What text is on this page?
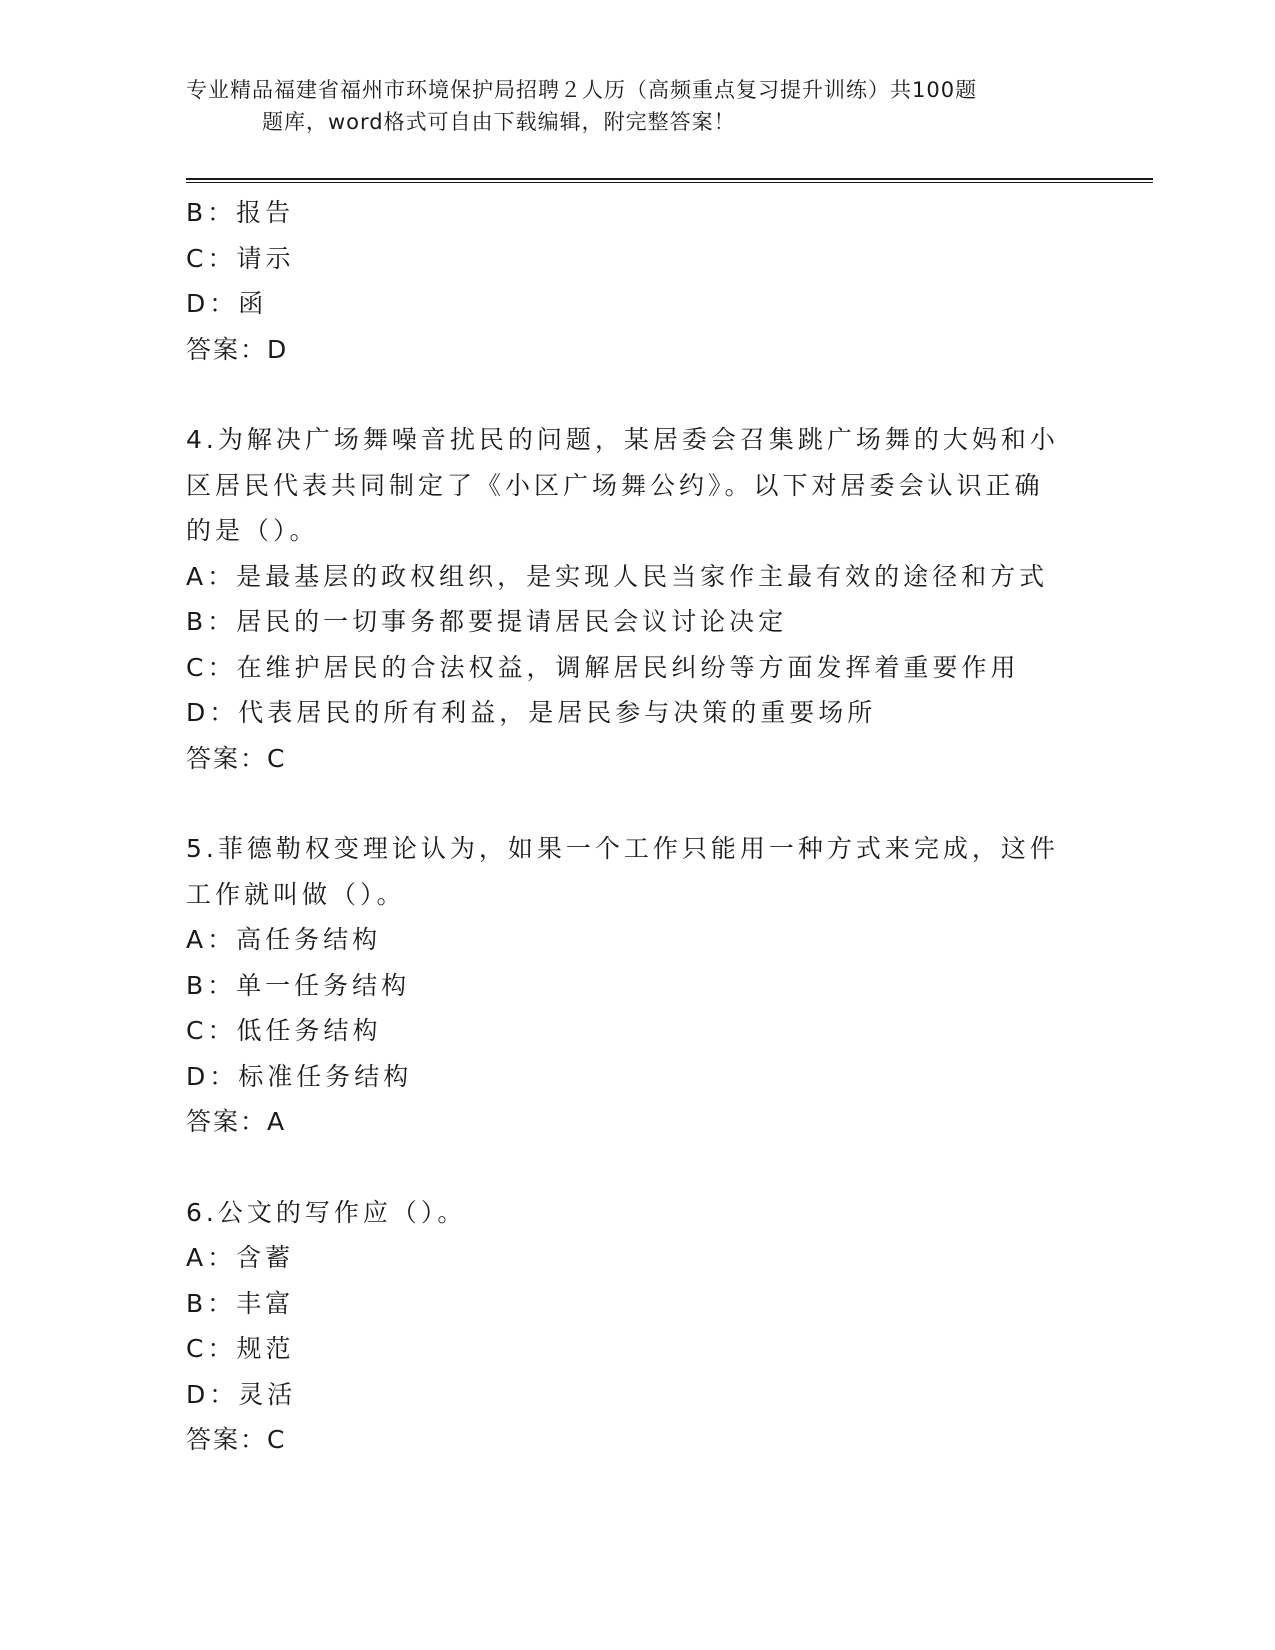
专业精品福建省福州市环境保护局招聘２人历（高频重点复习提升训练）共100题
题库，word格式可自由下载编辑，附完整答案！
B：报告
C：请示
D：函
答案：D
4.为解决广场舞噪音扰民的问题，某居委会召集跳广场舞的大妈和小
区居民代表共同制定了《小区广场舞公约》。以下对居委会认识正确
的是（）。
A：是最基层的政权组织，是实现人民当家作主最有效的途径和方式
B：居民的一切事务都要提请居民会议讨论决定
C：在维护居民的合法权益，调解居民纠纷等方面发挥着重要作用
D：代表居民的所有利益，是居民参与决策的重要场所
答案：C
5.菲德勒权变理论认为，如果一个工作只能用一种方式来完成，这件
工作就叫做（）。
A：高任务结构
B：单一任务结构
C：低任务结构
D：标准任务结构
答案：A
6.公文的写作应（）。
A：含蓄
B：丰富
C：规范
D：灵活
答案：C
